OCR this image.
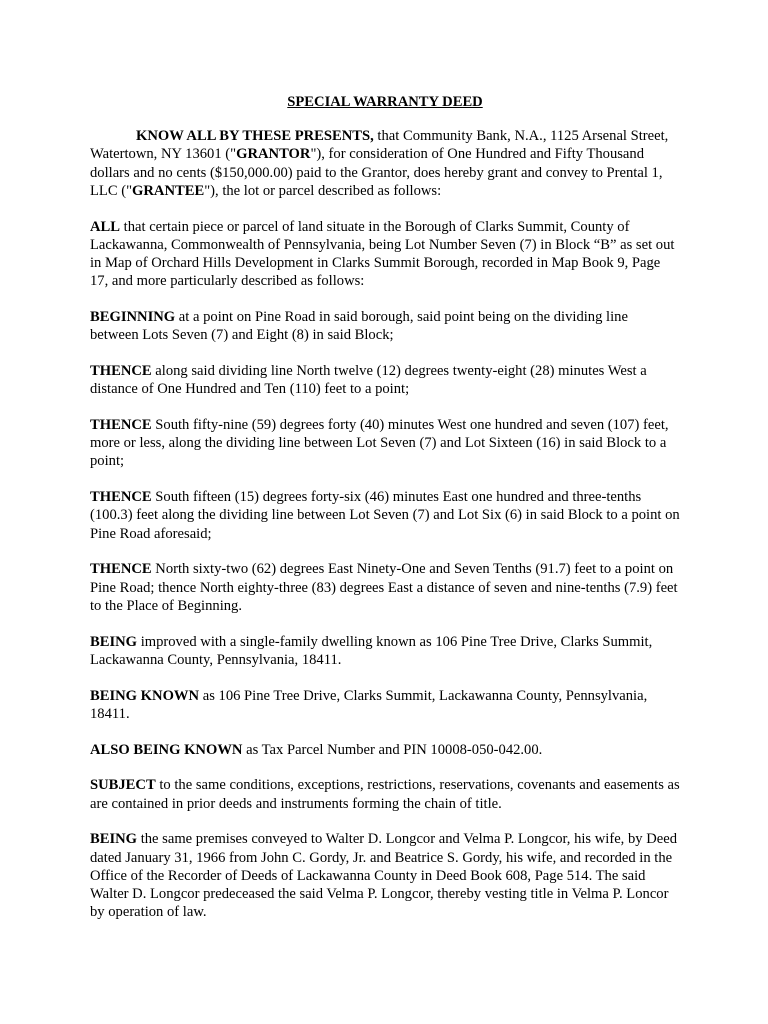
SPECIAL WARRANTY DEED

KNOW ALL BY THESE PRESENTS, that Community Bank, N.A., 1125 Arsenal Street, Watertown, NY 13601 ("GRANTOR"), for consideration of One Hundred and Fifty Thousand dollars and no cents ($150,000.00) paid to the Grantor, does hereby grant and convey to Prental 1, LLC ("GRANTEE"), the lot or parcel described as follows:

ALL that certain piece or parcel of land situate in the Borough of Clarks Summit, County of Lackawanna, Commonwealth of Pennsylvania, being Lot Number Seven (7) in Block “B” as set out in Map of Orchard Hills Development in Clarks Summit Borough, recorded in Map Book 9, Page 17, and more particularly described as follows:

BEGINNING at a point on Pine Road in said borough, said point being on the dividing line between Lots Seven (7) and Eight (8) in said Block;

THENCE along said dividing line North twelve (12) degrees twenty-eight (28) minutes West a distance of One Hundred and Ten (110) feet to a point;

THENCE South fifty-nine (59) degrees forty (40) minutes West one hundred and seven (107) feet, more or less, along the dividing line between Lot Seven (7) and Lot Sixteen (16) in said Block to a point;

THENCE South fifteen (15) degrees forty-six (46) minutes East one hundred and three-tenths (100.3) feet along the dividing line between Lot Seven (7) and Lot Six (6) in said Block to a point on Pine Road aforesaid;

THENCE North sixty-two (62) degrees East Ninety-One and Seven Tenths (91.7) feet to a point on Pine Road; thence North eighty-three (83) degrees East a distance of seven and nine-tenths (7.9) feet to the Place of Beginning.

BEING improved with a single-family dwelling known as 106 Pine Tree Drive, Clarks Summit, Lackawanna County, Pennsylvania, 18411.

BEING KNOWN as 106 Pine Tree Drive, Clarks Summit, Lackawanna County, Pennsylvania, 18411.

ALSO BEING KNOWN as Tax Parcel Number and PIN 10008-050-042.00.

SUBJECT to the same conditions, exceptions, restrictions, reservations, covenants and easements as are contained in prior deeds and instruments forming the chain of title.

BEING the same premises conveyed to Walter D. Longcor and Velma P. Longcor, his wife, by Deed dated January 31, 1966 from John C. Gordy, Jr. and Beatrice S. Gordy, his wife, and recorded in the Office of the Recorder of Deeds of Lackawanna County in Deed Book 608, Page 514. The said Walter D. Longcor predeceased the said Velma P. Longcor, thereby vesting title in Velma P. Loncor by operation of law.
